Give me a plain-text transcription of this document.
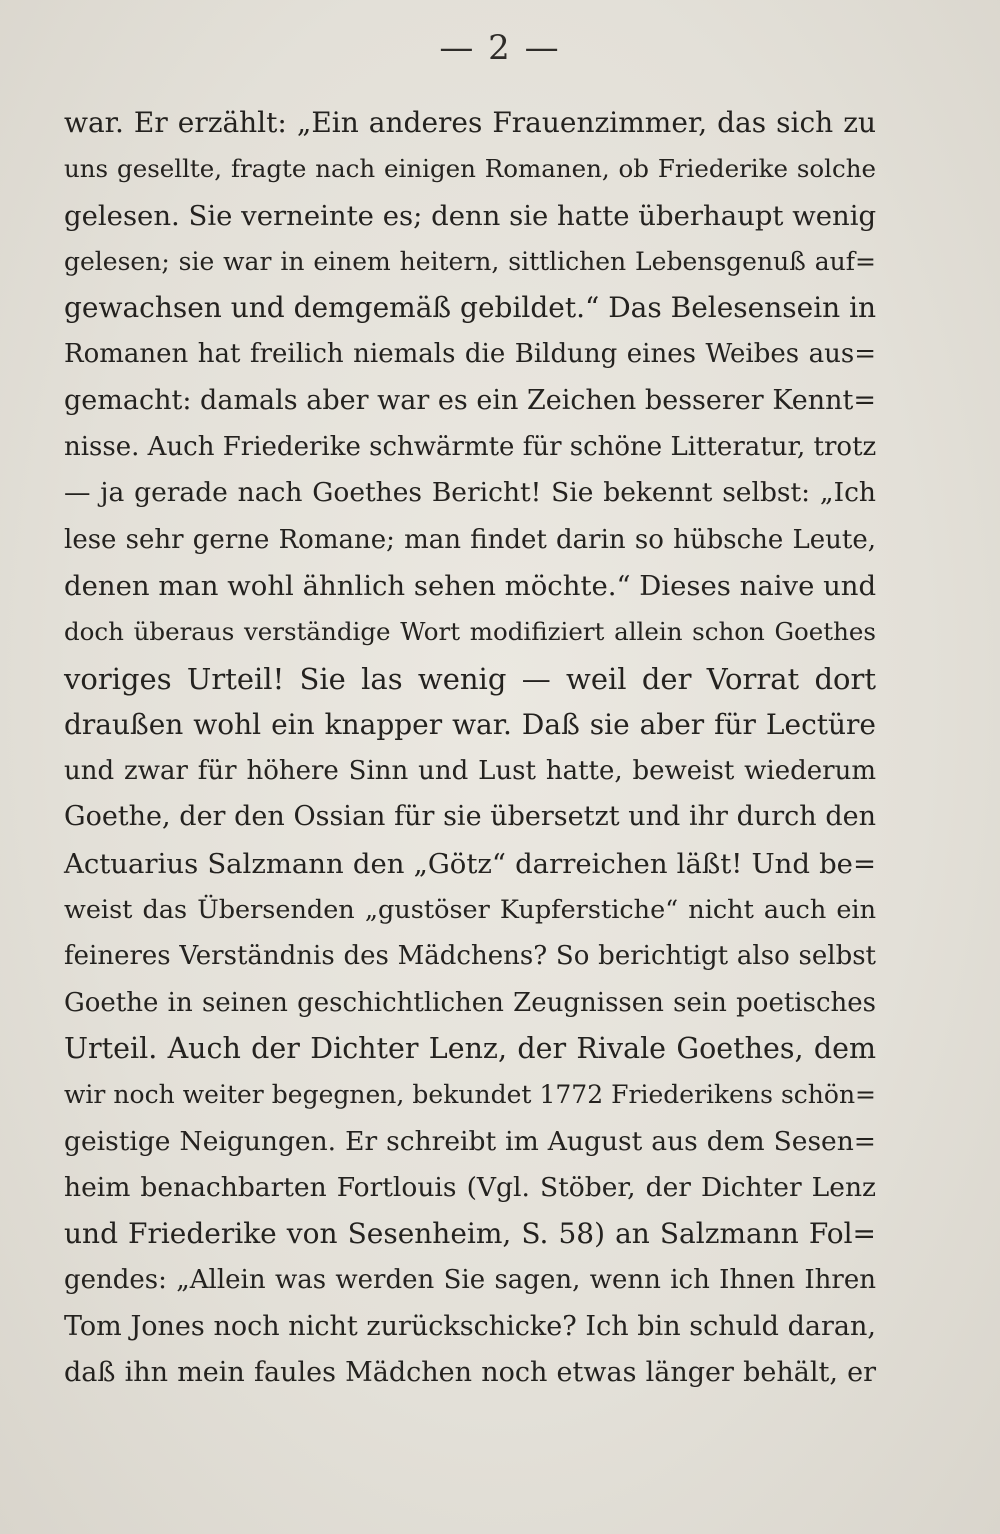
— 2 —
war. Er erzählt: „Ein anderes Frauenzimmer, das sich zu
uns gesellte, fragte nach einigen Romanen, ob Friederike solche
gelesen. Sie verneinte es; denn sie hatte überhaupt wenig
gelesen; sie war in einem heitern, sittlichen Lebensgenuß auf=
gewachsen und demgemäß gebildet.“ Das Belesensein in
Romanen hat freilich niemals die Bildung eines Weibes aus=
gemacht: damals aber war es ein Zeichen besserer Kennt=
nisse. Auch Friederike schwärmte für schöne Litteratur, trotz
— ja gerade nach Goethes Bericht! Sie bekennt selbst: „Ich
lese sehr gerne Romane; man findet darin so hübsche Leute,
denen man wohl ähnlich sehen möchte.“ Dieses naive und
doch überaus verständige Wort modifiziert allein schon Goethes
voriges Urteil! Sie las wenig — weil der Vorrat dort
draußen wohl ein knapper war. Daß sie aber für Lectüre
und zwar für höhere Sinn und Lust hatte, beweist wiederum
Goethe, der den Ossian für sie übersetzt und ihr durch den
Actuarius Salzmann den „Götz“ darreichen läßt! Und be=
weist das Übersenden „gustöser Kupferstiche“ nicht auch ein
feineres Verständnis des Mädchens? So berichtigt also selbst
Goethe in seinen geschichtlichen Zeugnissen sein poetisches
Urteil. Auch der Dichter Lenz, der Rivale Goethes, dem
wir noch weiter begegnen, bekundet 1772 Friederikens schön=
geistige Neigungen. Er schreibt im August aus dem Sesen=
heim benachbarten Fortlouis (Vgl. Stöber, der Dichter Lenz
und Friederike von Sesenheim, S. 58) an Salzmann Fol=
gendes: „Allein was werden Sie sagen, wenn ich Ihnen Ihren
Tom Jones noch nicht zurückschicke? Ich bin schuld daran,
daß ihn mein faules Mädchen noch etwas länger behält, er
